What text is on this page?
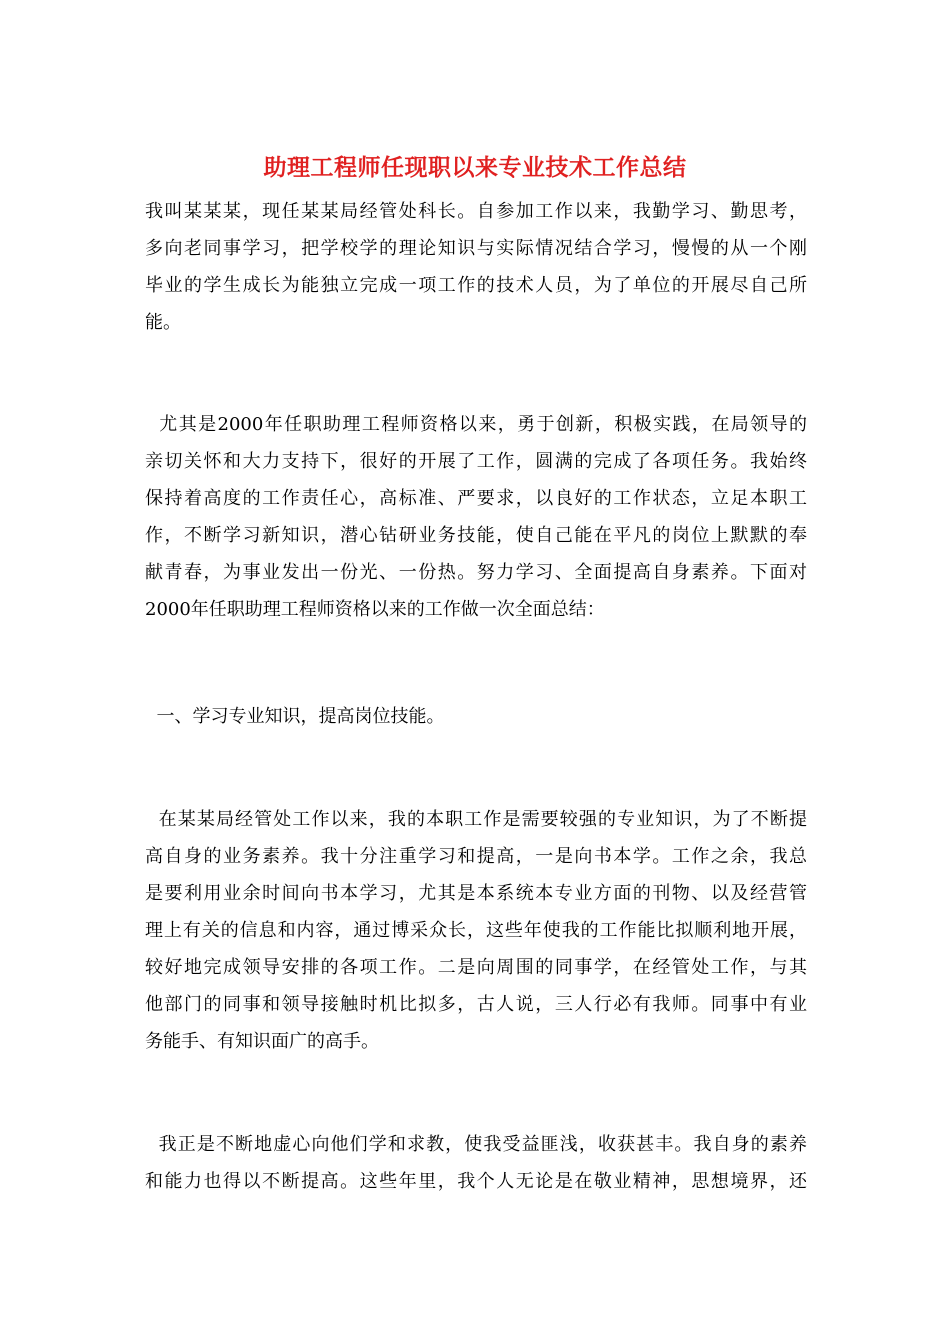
助理工程师任现职以来专业技术工作总结
我叫某某某，现任某某局经管处科长。自参加工作以来，我勤学习、勤思考，
多向老同事学习，把学校学的理论知识与实际情况结合学习，慢慢的从一个刚
毕业的学生成长为能独立完成一项工作的技术人员，为了单位的开展尽自己所
能。
尤其是2000年任职助理工程师资格以来，勇于创新，积极实践，在局领导的
亲切关怀和大力支持下，很好的开展了工作，圆满的完成了各项任务。我始终
保持着高度的工作责任心，高标准、严要求，以良好的工作状态，立足本职工
作，不断学习新知识，潜心钻研业务技能，使自己能在平凡的岗位上默默的奉
献青春，为事业发出一份光、一份热。努力学习、全面提高自身素养。下面对
2000年任职助理工程师资格以来的工作做一次全面总结：
一、学习专业知识，提高岗位技能。
在某某局经管处工作以来，我的本职工作是需要较强的专业知识，为了不断提
高自身的业务素养。我十分注重学习和提高，一是向书本学。工作之余，我总
是要利用业余时间向书本学习，尤其是本系统本专业方面的刊物、以及经营管
理上有关的信息和内容，通过博采众长，这些年使我的工作能比拟顺利地开展，
较好地完成领导安排的各项工作。二是向周围的同事学，在经管处工作，与其
他部门的同事和领导接触时机比拟多，古人说，三人行必有我师。同事中有业
务能手、有知识面广的高手。
我正是不断地虚心向他们学和求教，使我受益匪浅，收获甚丰。我自身的素养
和能力也得以不断提高。这些年里，我个人无论是在敬业精神，思想境界，还
